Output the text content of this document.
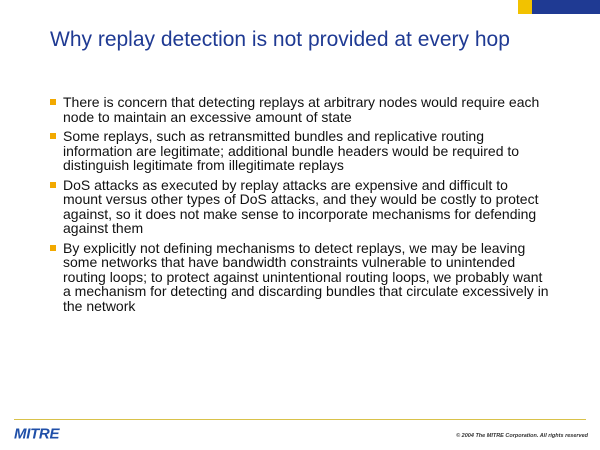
Why replay detection is not provided at every hop
There is concern that detecting replays at arbitrary nodes would require each node to maintain an excessive amount of state
Some replays, such as retransmitted bundles and replicative routing information are legitimate; additional bundle headers would be required to distinguish legitimate from illegitimate replays
DoS attacks as executed by replay attacks are expensive and difficult to mount versus other types of DoS attacks, and they would be costly to protect against, so it does not make sense to incorporate mechanisms for defending against them
By explicitly not defining mechanisms to detect replays, we may be leaving some networks that have bandwidth constraints vulnerable to unintended routing loops; to protect against unintentional routing loops, we probably want a mechanism for detecting and discarding bundles that circulate excessively in the network
MITRE	© 2004 The MITRE Corporation. All rights reserved
